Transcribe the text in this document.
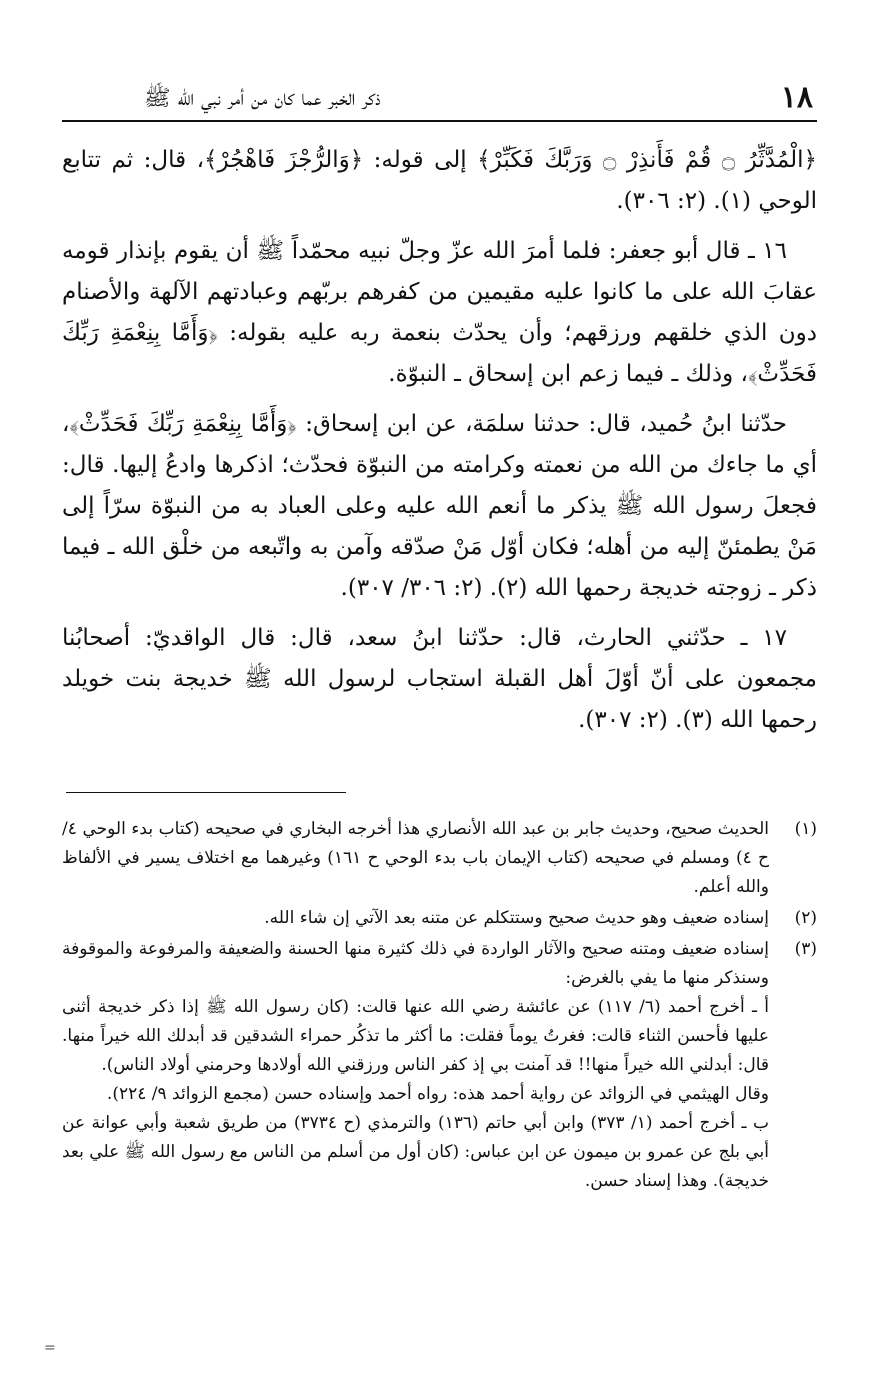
١٨
ذكر الخبر عما كان من أمر نبي الله ﷺ

﴿الْمُدَّثِّرُ ۝ قُمْ فَأَنذِرْ ۝ وَرَبَّكَ فَكَبِّرْ﴾ إلى قوله: ﴿وَالرُّجْزَ فَاهْجُرْ﴾، قال: ثم تتابع الوحي (١). (٢: ٣٠٦).

١٦ ـ قال أبو جعفر: فلما أمرَ الله عزّ وجلّ نبيه محمّداً ﷺ أن يقوم بإنذار قومه عقابَ الله على ما كانوا عليه مقيمين من كفرهم بربّهم وعبادتهم الآلهة والأصنام دون الذي خلقهم ورزقهم؛ وأن يحدّث بنعمة ربه عليه بقوله: ﴿وَأَمَّا بِنِعْمَةِ رَبِّكَ فَحَدِّثْ﴾، وذلك ـ فيما زعم ابن إسحاق ـ النبوّة.

حدّثنا ابنُ حُميد، قال: حدثنا سلمَة، عن ابن إسحاق: ﴿وَأَمَّا بِنِعْمَةِ رَبِّكَ فَحَدِّثْ﴾، أي ما جاءك من الله من نعمته وكرامته من النبوّة فحدّث؛ اذكرها وادعُ إليها. قال: فجعلَ رسول الله ﷺ يذكر ما أنعم الله عليه وعلى العباد به من النبوّة سرّاً إلى مَنْ يطمئنّ إليه من أهله؛ فكان أوّل مَنْ صدّقه وآمن به واتّبعه من خلْق الله ـ فيما ذكر ـ زوجته خديجة رحمها الله (٢). (٢: ٣٠٦/ ٣٠٧).

١٧ ـ حدّثني الحارث، قال: حدّثنا ابنُ سعد، قال: قال الواقديّ: أصحابُنا مجمعون على أنّ أوّلَ أهل القبلة استجاب لرسول الله ﷺ خديجة بنت خويلد رحمها الله (٣). (٢: ٣٠٧).

(١)

الحديث صحيح، وحديث جابر بن عبد الله الأنصاري هذا أخرجه البخاري في صحيحه (كتاب بدء الوحي ٤/ ح ٤) ومسلم في صحيحه (كتاب الإيمان باب بدء الوحي ح ١٦١) وغيرهما مع اختلاف يسير في الألفاظ والله أعلم.

(٢)

إسناده ضعيف وهو حديث صحيح وستتكلم عن متنه بعد الآتي إن شاء الله.

(٣)

إسناده ضعيف ومتنه صحيح والآثار الواردة في ذلك كثيرة منها الحسنة والضعيفة والمرفوعة والموقوفة وسنذكر منها ما يفي بالغرض:

أ ـ أخرج أحمد (٦/ ١١٧) عن عائشة رضي الله عنها قالت: (كان رسول الله ﷺ إذا ذكر خديجة أثنى عليها فأحسن الثناء قالت: فغرتُ يوماً فقلت: ما أكثر ما تذكُر حمراء الشدقين قد أبدلك الله خيراً منها. قال: أبدلني الله خيراً منها!! قد آمنت بي إذ كفر الناس ورزقني الله أولادها وحرمني أولاد الناس).

وقال الهيثمي في الزوائد عن رواية أحمد هذه: رواه أحمد وإسناده حسن (مجمع الزوائد ٩/ ٢٢٤).

ب ـ أخرج أحمد (١/ ٣٧٣) وابن أبي حاتم (١٣٦) والترمذي (ح ٣٧٣٤) من طريق شعبة وأبي عوانة عن أبي بلج عن عمرو بن ميمون عن ابن عباس: (كان أول من أسلم من الناس مع رسول الله ﷺ علي بعد خديجة). وهذا إسناد حسن.

=
